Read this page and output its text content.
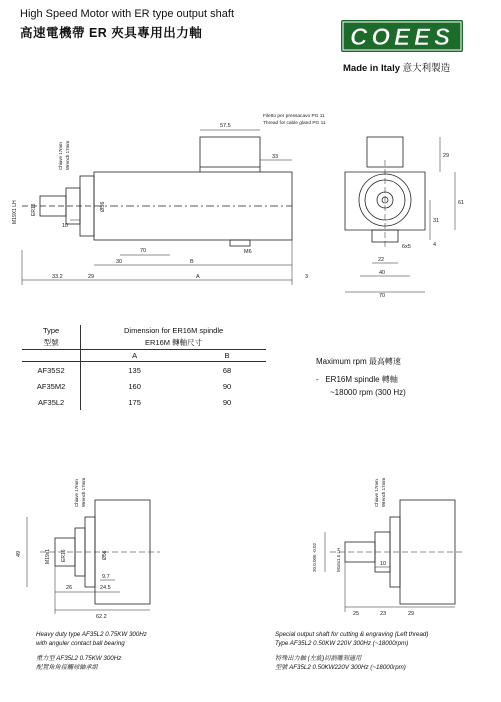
High Speed Motor with ER type output shaft
高速電機帶 ER 夾具專用出力軸	COEES
Made in Italy 意大利製造
57.5
33
70
30	B
M6
A
33.2	29	3
10
Filetto per pressacavo PG 11
Thread for cable gland PG 11
Ø56
ER16
M19X1 LH
Chiave 17mm Wrench 17mm	29
61
31
4
6x5
22
40
70
Type	Dimension for ER16M spindle	
型號	ER16M 轉軸尺寸	
	A	B
AF35S2	135	68
AF35M2	160	90
AF35L2	175	90
Maximum rpm 最高轉速
- ER16M spindle 轉軸
~18000 rpm (300 Hz)
49
9.7
26	24.5
62.2
M19x1 ER16	Ø56
Chiave 17mm Wrench 17mm
10
25	23	29
20.0.005 -0.02	M16x1.5 LH
Chiave 17mm Wrench 17mm
Heavy duty type AF35L2 0.75KW 300Hz
with anguler contact ball bearing
重力型 AF35L2 0.75KW 300Hz
配置角角接觸球軸承組
Special output shaft for cutting & engraving (Left thread)
Type AF35L2 0.50KW 220V 300Hz (~18000rpm)
特殊出力軸 (左旋)切割雕刻適用
型號 AF35L2 0.50KW220V 300Hz (~18000rpm)
